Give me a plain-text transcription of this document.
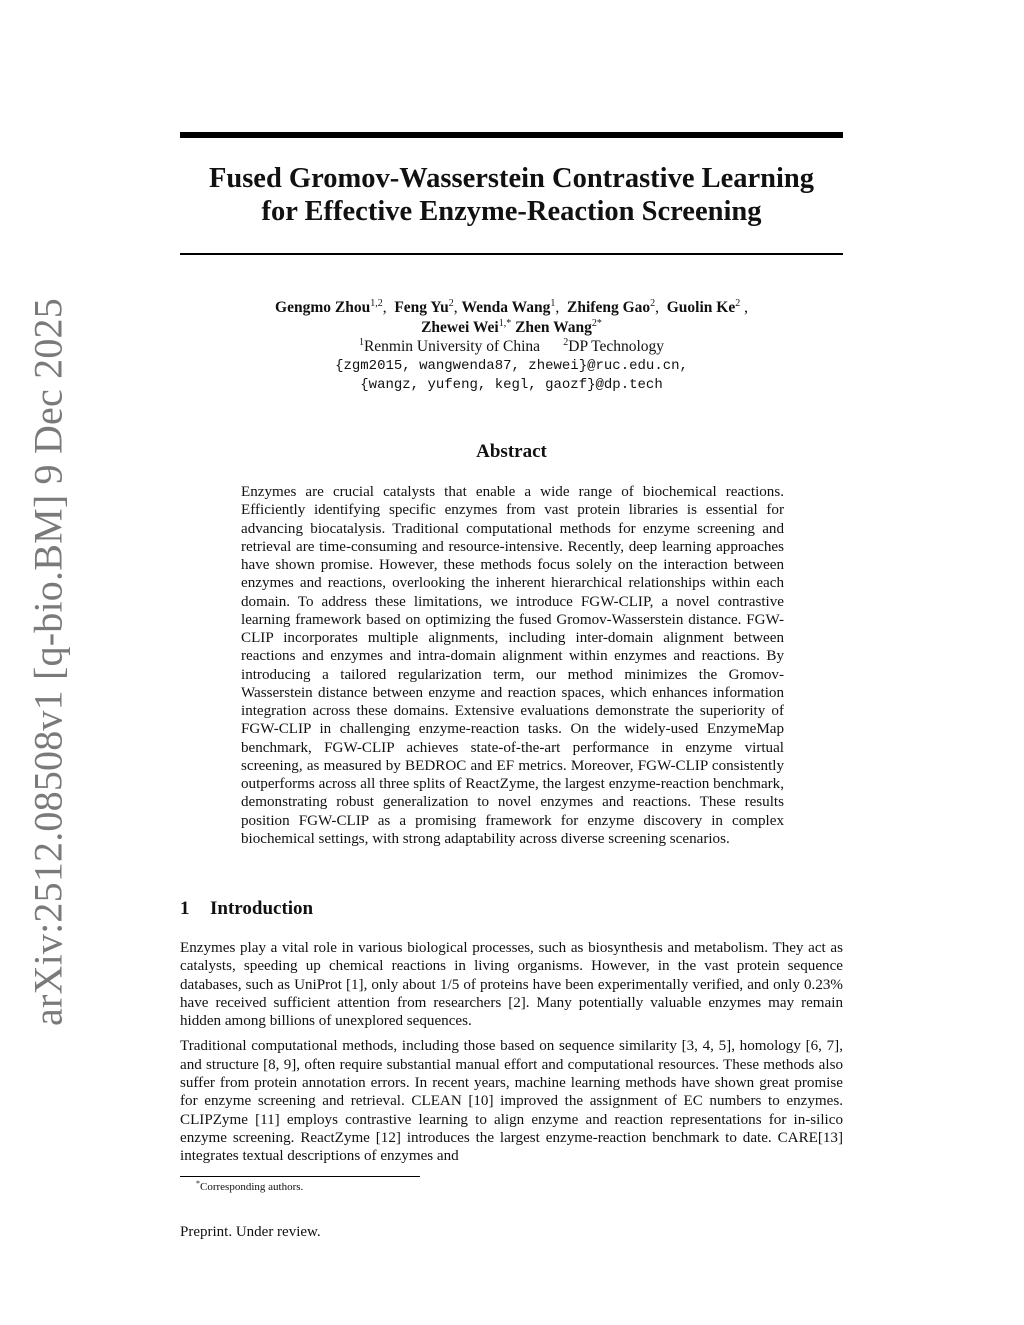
arXiv:2512.08508v1 [q-bio.BM] 9 Dec 2025
Fused Gromov-Wasserstein Contrastive Learning
for Effective Enzyme-Reaction Screening
Gengmo Zhou$^{1,2}$,  Feng Yu$^2$, Wenda Wang$^1$,  Zhifeng Gao$^2$,  Guolin Ke$^2$ ,
Zhewei Wei$^{1,*}$ Zhen Wang$^{2*}$
$^1$Renmin University of China $^2$DP Technology
{zgm2015, wangwenda87, zhewei}@ruc.edu.cn,
{wangz, yufeng, kegl, gaozf}@dp.tech
Abstract

Enzymes are crucial catalysts that enable a wide range of biochemical reactions. Efficiently identifying specific enzymes from vast protein libraries is essential for advancing biocatalysis. Traditional computational methods for enzyme screening and retrieval are time-consuming and resource-intensive. Recently, deep learning approaches have shown promise. However, these methods focus solely on the interaction between enzymes and reactions, overlooking the inherent hierarchical relationships within each domain. To address these limitations, we introduce FGW-CLIP, a novel contrastive learning framework based on optimizing the fused Gromov-Wasserstein distance. FGW-CLIP incorporates multiple alignments, including inter-domain alignment between reactions and enzymes and intra-domain alignment within enzymes and reactions. By introducing a tailored regularization term, our method minimizes the Gromov-Wasserstein distance between enzyme and reaction spaces, which enhances information integration across these domains. Extensive evaluations demonstrate the superiority of FGW-CLIP in challenging enzyme-reaction tasks. On the widely-used EnzymeMap benchmark, FGW-CLIP achieves state-of-the-art performance in enzyme virtual screening, as measured by BEDROC and EF metrics. Moreover, FGW-CLIP consistently outperforms across all three splits of ReactZyme, the largest enzyme-reaction benchmark, demonstrating robust generalization to novel enzymes and reactions. These results position FGW-CLIP as a promising framework for enzyme discovery in complex biochemical settings, with strong adaptability across diverse screening scenarios.

1 Introduction

Enzymes play a vital role in various biological processes, such as biosynthesis and metabolism. They act as catalysts, speeding up chemical reactions in living organisms. However, in the vast protein sequence databases, such as UniProt [1], only about 1/5 of proteins have been experimentally verified, and only 0.23% have received sufficient attention from researchers [2]. Many potentially valuable enzymes may remain hidden among billions of unexplored sequences.

Traditional computational methods, including those based on sequence similarity [3, 4, 5], homology [6, 7], and structure [8, 9], often require substantial manual effort and computational resources. These methods also suffer from protein annotation errors. In recent years, machine learning methods have shown great promise for enzyme screening and retrieval. CLEAN [10] improved the assignment of EC numbers to enzymes. CLIPZyme [11] employs contrastive learning to align enzyme and reaction representations for in-silico enzyme screening. ReactZyme [12] introduces the largest enzyme-reaction benchmark to date. CARE[13] integrates textual descriptions of enzymes and

*Corresponding authors.
Preprint. Under review.
